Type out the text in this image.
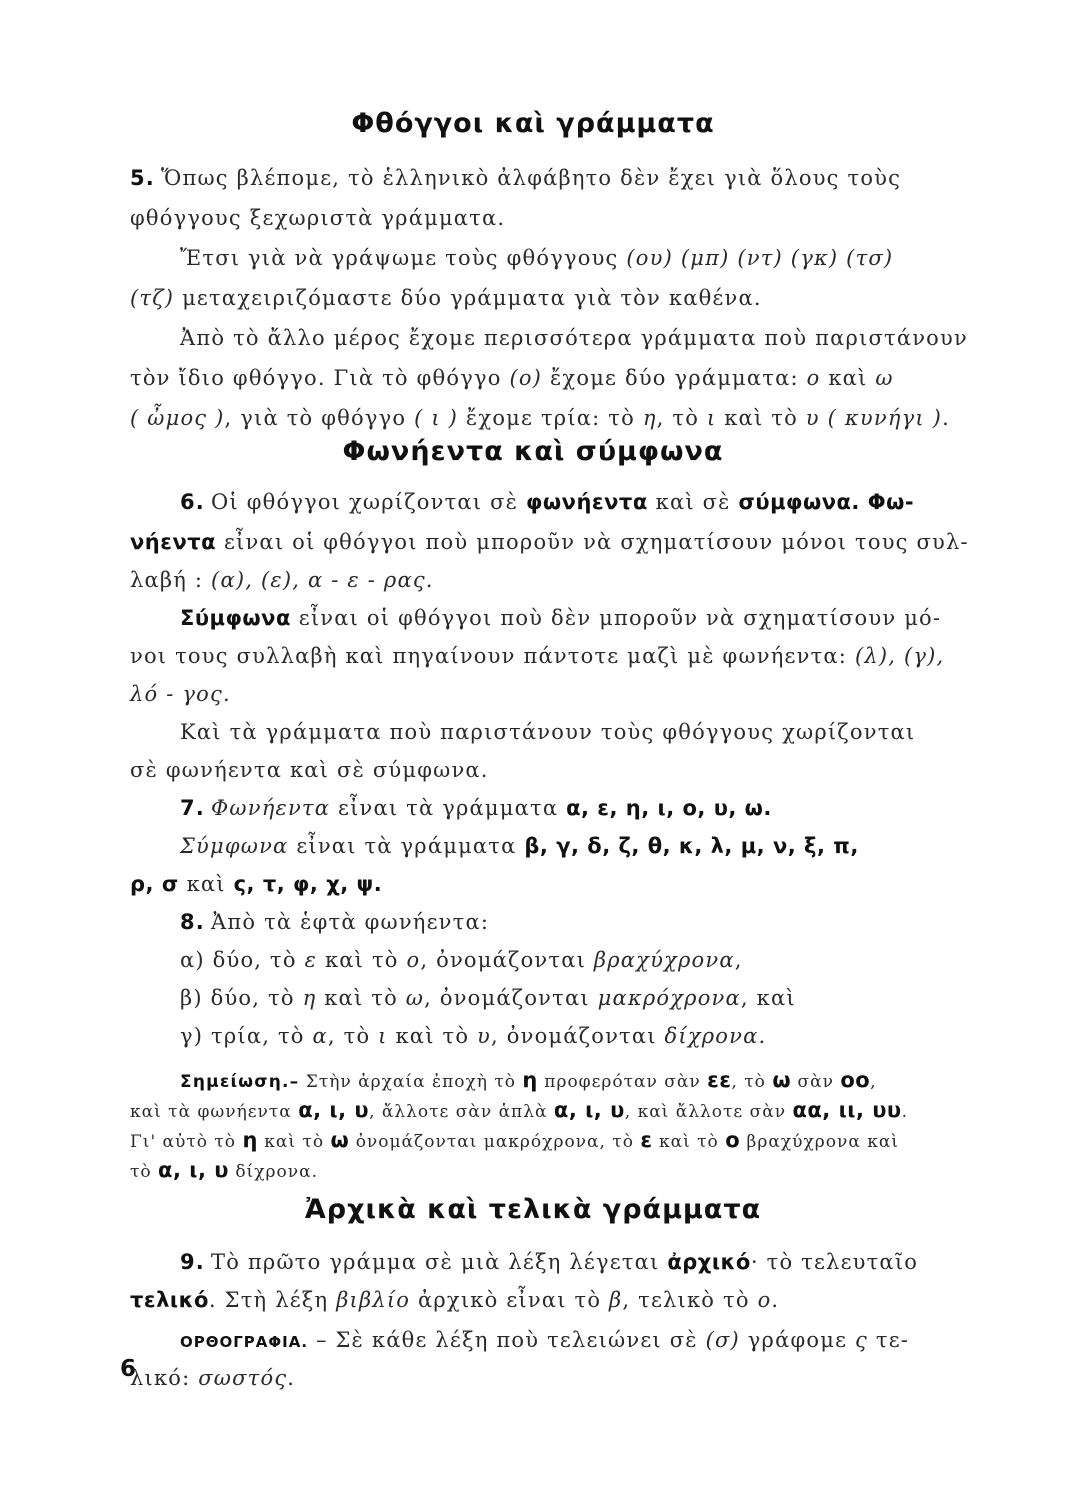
Φθόγγοι καὶ γράμματα
5. Ὅπως βλέπομε, τὸ ἑλληνικὸ ἀλφάβητο δὲν ἔχει γιὰ ὅλους τοὺς
φθόγγους ξεχωριστὰ γράμματα.
Ἔτσι γιὰ νὰ γράψωμε τοὺς φθόγγους (ου) (μπ) (ντ) (γκ) (τσ)
(τζ) μεταχειριζόμαστε δύο γράμματα γιὰ τὸν καθένα.
Ἀπὸ τὸ ἄλλο μέρος ἔχομε περισσότερα γράμματα ποὺ παριστάνουν
τὸν ἴδιο φθόγγο. Γιὰ τὸ φθόγγο (ο) ἔχομε δύο γράμματα: ο καὶ ω
( ὦμος ), γιὰ τὸ φθόγγο ( ι ) ἔχομε τρία: τὸ η, τὸ ι καὶ τὸ υ ( κυνήγι ).
Φωνήεντα καὶ σύμφωνα
6. Οἱ φθόγγοι χωρίζονται σὲ φωνήεντα καὶ σὲ σύμφωνα. Φω-
νήεντα εἶναι οἱ φθόγγοι ποὺ μποροῦν νὰ σχηματίσουν μόνοι τους συλ-
λαβή : (α), (ε), α - ε - ρας.
Σύμφωνα εἶναι οἱ φθόγγοι ποὺ δὲν μποροῦν νὰ σχηματίσουν μό-
νοι τους συλλαβὴ καὶ πηγαίνουν πάντοτε μαζὶ μὲ φωνήεντα: (λ), (γ),
λό - γος.
Καὶ τὰ γράμματα ποὺ παριστάνουν τοὺς φθόγγους χωρίζονται
σὲ φωνήεντα καὶ σὲ σύμφωνα.
7. Φωνήεντα εἶναι τὰ γράμματα α, ε, η, ι, ο, υ, ω.
Σύμφωνα εἶναι τὰ γράμματα β, γ, δ, ζ, θ, κ, λ, μ, ν, ξ, π,
ρ, σ καὶ ς, τ, φ, χ, ψ.
8. Ἀπὸ τὰ ἑφτὰ φωνήεντα:
α) δύο, τὸ ε καὶ τὸ ο, ὀνομάζονται βραχύχρονα,
β) δύο, τὸ η καὶ τὸ ω, ὀνομάζονται μακρόχρονα, καὶ
γ) τρία, τὸ α, τὸ ι καὶ τὸ υ, ὀνομάζονται δίχρονα.
Σημείωση.– Στὴν ἀρχαία ἐποχὴ τὸ η προφερόταν σὰν εε, τὸ ω σὰν οο,
καὶ τὰ φωνήεντα α, ι, υ, ἄλλοτε σὰν ἁπλὰ α, ι, υ, καὶ ἄλλοτε σὰν αα, ιι, υυ.
Γι' αὐτὸ τὸ η καὶ τὸ ω ὀνομάζονται μακρόχρονα, τὸ ε καὶ τὸ ο βραχύχρονα καὶ
τὸ α, ι, υ δίχρονα.
Ἀρχικὰ καὶ τελικὰ γράμματα
9. Τὸ πρῶτο γράμμα σὲ μιὰ λέξη λέγεται ἀρχικό· τὸ τελευταῖο
τελικό. Στὴ λέξη βιβλίο ἀρχικὸ εἶναι τὸ β, τελικὸ τὸ ο.
ΟΡΘΟΓΡΑΦΙΑ. – Σὲ κάθε λέξη ποὺ τελειώνει σὲ (σ) γράφομε ς τε-
λικό: σωστός.
6
